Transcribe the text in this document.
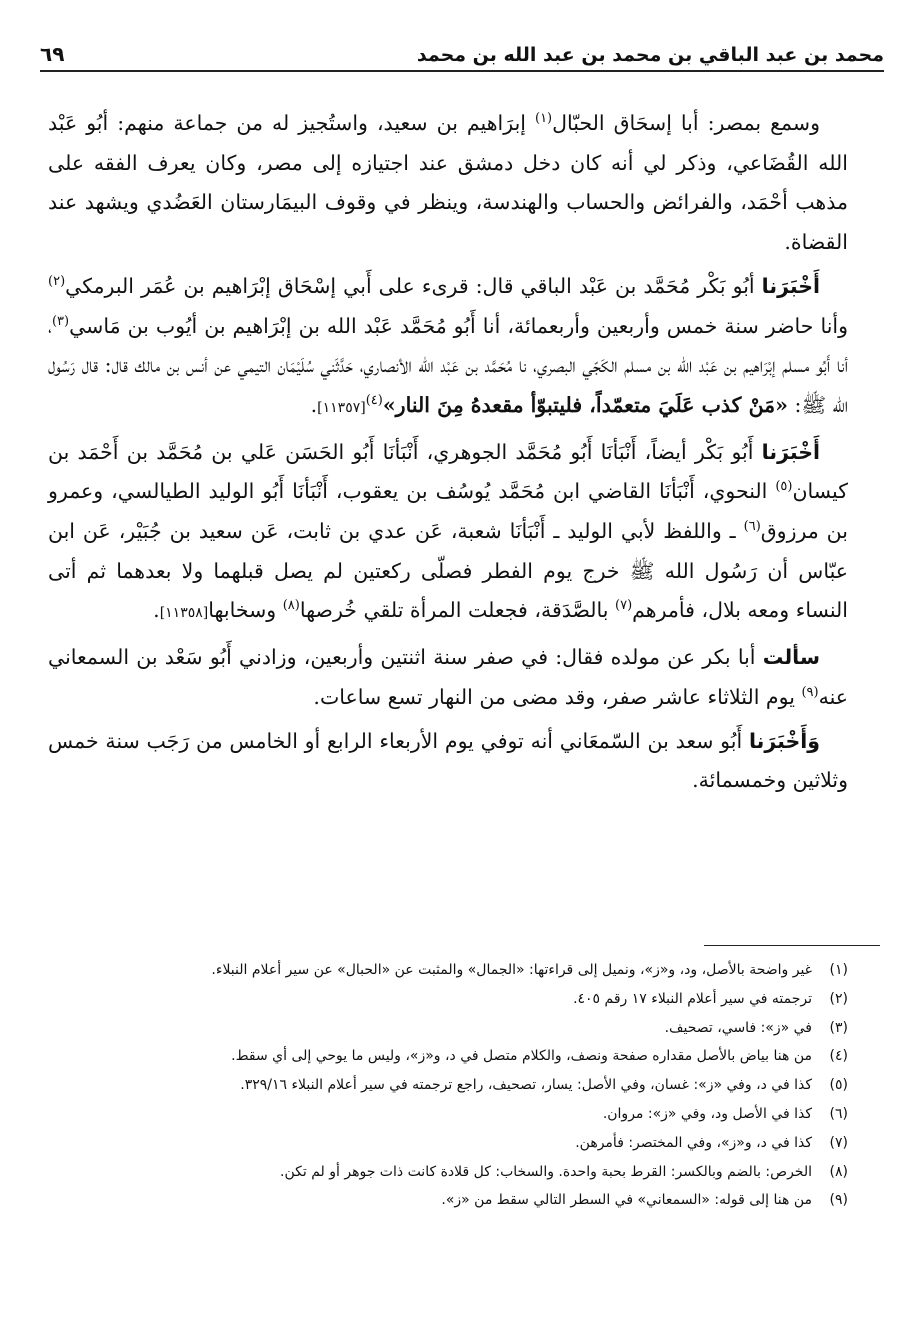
محمد بن عبد الباقي بن محمد بن عبد الله بن محمد
٦٩

وسمع بمصر: أبا إسحَاق الحبّال$^{(١)}$ إبرَاهيم بن سعيد، واستُجيز له من جماعة منهم: أبُو عَبْد الله القُضَاعي، وذكر لي أنه كان دخل دمشق عند اجتيازه إلى مصر، وكان يعرف الفقه على مذهب أحْمَد، والفرائض والحساب والهندسة، وينظر في وقوف البيمَارستان العَضُدي ويشهد عند القضاة.

أَخْبَرَنا أبُو بَكْر مُحَمَّد بن عَبْد الباقي قال: قرىء على أَبي إسْحَاق إبْرَاهيم بن عُمَر البرمكي$^{(٢)}$ وأنا حاضر سنة خمس وأربعين وأربعمائة، أنا أَبُو مُحَمَّد عَبْد الله بن إبْرَاهيم بن أيُوب بن مَاسي$^{(٣)}$، أنا أَبُو مسلم إبْرَاهيم بن عَبْد الله بن مسلم الكَجّي البصري، نا مُحَمَّد بن عَبْد الله الأنصاري، حَدَّثَني سُلَيْمَان التيمي عن أنس بن مالك قال: قال رَسُول الله ﷺ: «مَنْ كذب عَلَيَ متعمّداً، فليتبوّأ مقعدهُ مِنَ النار»$^{(٤)}$[١١٣٥٧].

أَخْبَرَنا أَبُو بَكْر أيضاً، أَنْبَأنَا أَبُو مُحَمَّد الجوهري، أَنْبَأنَا أَبُو الحَسَن عَلي بن مُحَمَّد بن أَحْمَد بن كيسان$^{(٥)}$ النحوي، أَنْبَأنَا القاضي ابن مُحَمَّد يُوسُف بن يعقوب، أَنْبَأنَا أَبُو الوليد الطيالسي، وعمرو بن مرزوق$^{(٦)}$ ـ واللفظ لأبي الوليد ـ أَنْبَأنَا شعبة، عَن عدي بن ثابت، عَن سعيد بن جُبَيْر، عَن ابن عبّاس أن رَسُول الله ﷺ خرج يوم الفطر فصلّى ركعتين لم يصل قبلهما ولا بعدهما ثم أتى النساء ومعه بلال، فأمرهم$^{(٧)}$ بالصَّدَقة، فجعلت المرأة تلقي خُرصها$^{(٨)}$ وسخابها[١١٣٥٨].

سألت أبا بكر عن مولده فقال: في صفر سنة اثنتين وأربعين، وزادني أَبُو سَعْد بن السمعاني عنه$^{(٩)}$ يوم الثلاثاء عاشر صفر، وقد مضى من النهار تسع ساعات.

وَأَخْبَرَنا أَبُو سعد بن السّمعَاني أنه توفي يوم الأربعاء الرابع أو الخامس من رَجَب سنة خمس وثلاثين وخمسمائة.

(١)
غير واضحة بالأصل، ود، و«ز»، ونميل إلى قراءتها: «الجمال» والمثبت عن «الحبال» عن سير أعلام النبلاء.
(٢)
ترجمته في سير أعلام النبلاء ١٧ رقم ٤٠٥.
(٣)
في «ز»: فاسي، تصحيف.
(٤)
من هنا بياض بالأصل مقداره صفحة ونصف، والكلام متصل في د، و«ز»، وليس ما يوحي إلى أي سقط.
(٥)
كذا في د، وفي «ز»: غسان، وفي الأصل: يسار، تصحيف، راجع ترجمته في سير أعلام النبلاء ٣٢٩/١٦.
(٦)
كذا في الأصل ود، وفي «ز»: مروان.
(٧)
كذا في د، و«ز»، وفي المختصر: فأمرهن.
(٨)
الخرص: بالضم وبالكسر: القرط بحبة واحدة. والسخاب: كل قلادة كانت ذات جوهر أو لم تكن.
(٩)
من هنا إلى قوله: «السمعاني» في السطر التالي سقط من «ز».
